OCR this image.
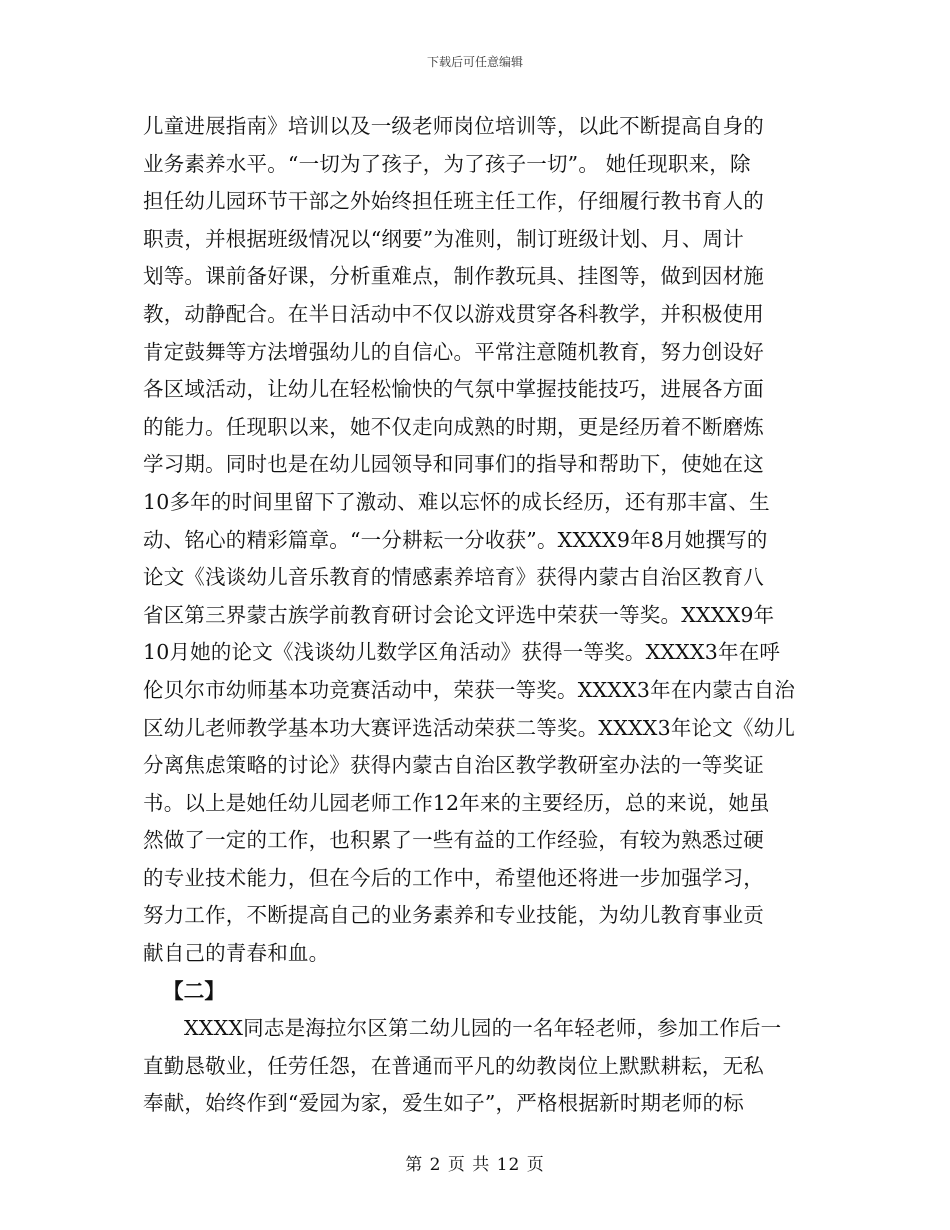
下载后可任意编辑
儿童进展指南》培训以及一级老师岗位培训等，以此不断提高自身的
业务素养水平。“一切为了孩子，为了孩子一切”。 她任现职来，除
担任幼儿园环节干部之外始终担任班主任工作，仔细履行教书育人的
职责，并根据班级情况以“纲要”为准则，制订班级计划、月、周计
划等。课前备好课，分析重难点，制作教玩具、挂图等，做到因材施
教，动静配合。在半日活动中不仅以游戏贯穿各科教学，并积极使用
肯定鼓舞等方法增强幼儿的自信心。平常注意随机教育，努力创设好
各区域活动，让幼儿在轻松愉快的气氛中掌握技能技巧，进展各方面
的能力。任现职以来，她不仅走向成熟的时期，更是经历着不断磨炼
学习期。同时也是在幼儿园领导和同事们的指导和帮助下，使她在这
10多年的时间里留下了激动、难以忘怀的成长经历，还有那丰富、生
动、铭心的精彩篇章。“一分耕耘一分收获”。XXXX9年8月她撰写的
论文《浅谈幼儿音乐教育的情感素养培育》获得内蒙古自治区教育八
省区第三界蒙古族学前教育研讨会论文评选中荣获一等奖。XXXX9年
10月她的论文《浅谈幼儿数学区角活动》获得一等奖。XXXX3年在呼
伦贝尔市幼师基本功竞赛活动中，荣获一等奖。XXXX3年在内蒙古自治
区幼儿老师教学基本功大赛评选活动荣获二等奖。XXXX3年论文《幼儿
分离焦虑策略的讨论》获得内蒙古自治区教学教研室办法的一等奖证
书。以上是她任幼儿园老师工作12年来的主要经历，总的来说，她虽
然做了一定的工作，也积累了一些有益的工作经验，有较为熟悉过硬
的专业技术能力，但在今后的工作中，希望他还将进一步加强学习，
努力工作，不断提高自己的业务素养和专业技能，为幼儿教育事业贡
献自己的青春和血。
【二】
XXXX同志是海拉尔区第二幼儿园的一名年轻老师，参加工作后一
直勤恳敬业，任劳任怨，在普通而平凡的幼教岗位上默默耕耘，无私
奉献，始终作到“爱园为家，爱生如子”，严格根据新时期老师的标
第 2 页 共 12 页
